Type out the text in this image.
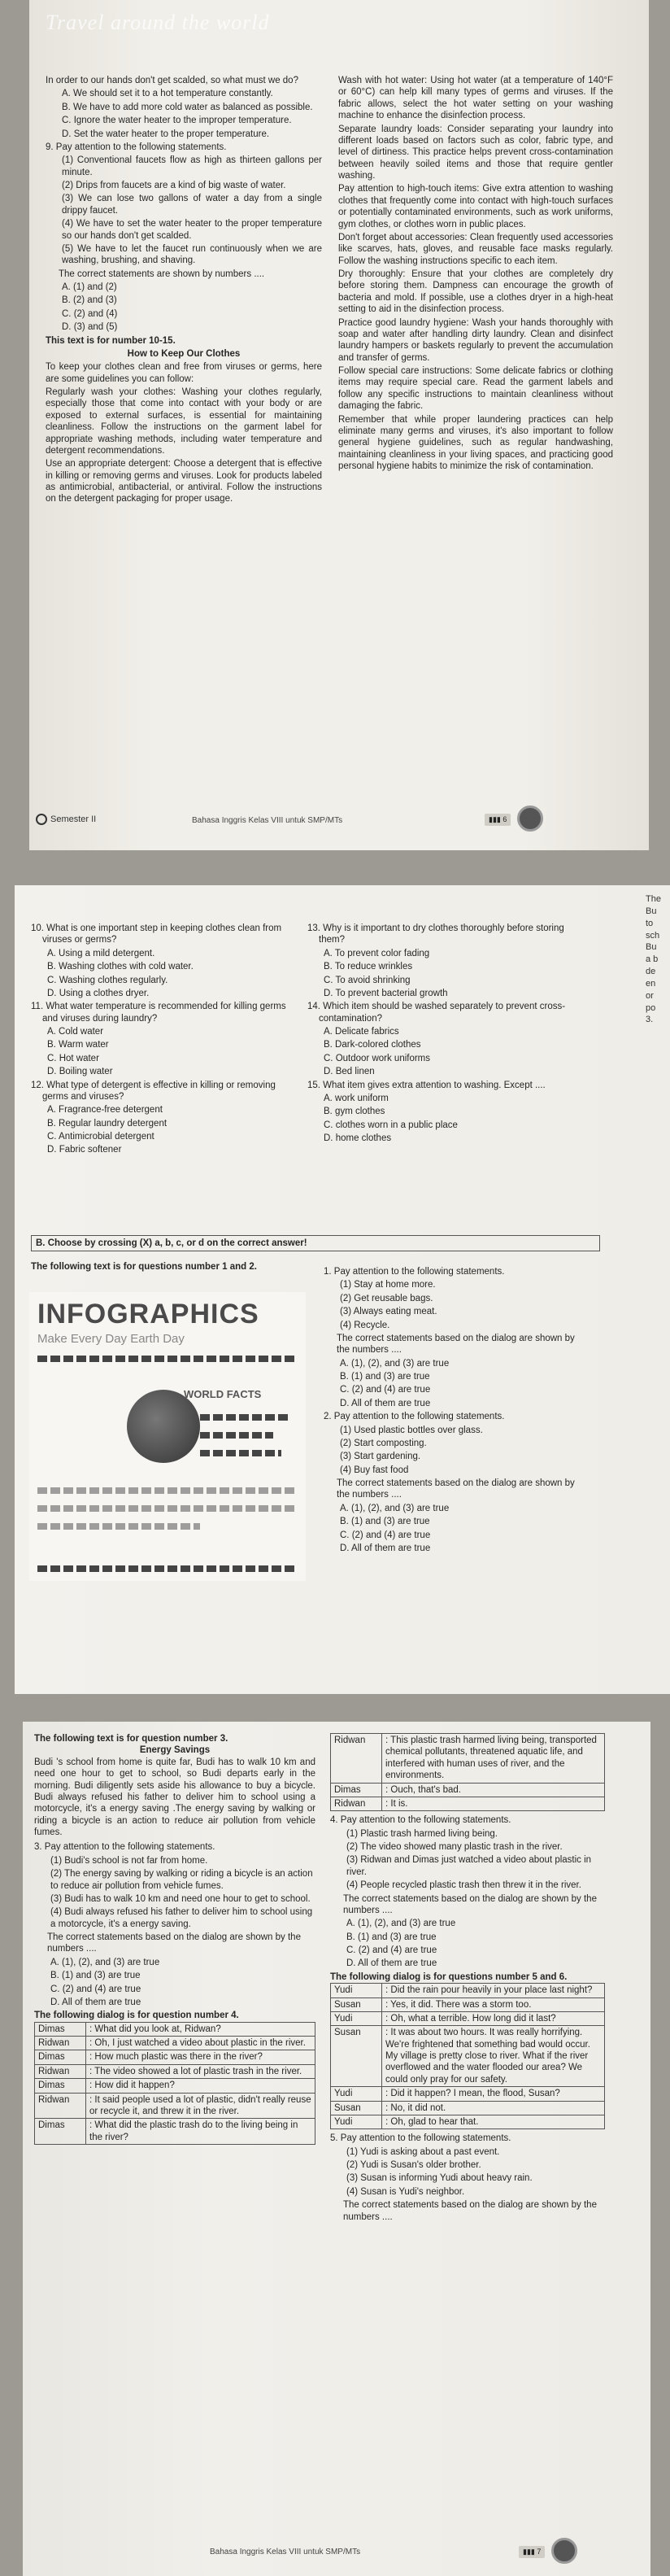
Travel around the world

In order to our hands don't get scalded, so what must we do?

A. We should set it to a hot temperature constantly.

B. We have to add more cold water as balanced as possible.

C. Ignore the water heater to the improper temperature.

D. Set the water heater to the proper temperature.

9. Pay attention to the following statements.

(1) Conventional faucets flow as high as thirteen gallons per minute.

(2) Drips from faucets are a kind of big waste of water.

(3) We can lose two gallons of water a day from a single drippy faucet.

(4) We have to set the water heater to the proper temperature so our hands don't get scalded.

(5) We have to let the faucet run continuously when we are washing, brushing, and shaving.

The correct statements are shown by numbers ....

A. (1) and (2)

B. (2) and (3)

C. (2) and (4)

D. (3) and (5)

This text is for number 10-15.

How to Keep Our Clothes

To keep your clothes clean and free from viruses or germs, here are some guidelines you can follow:

Regularly wash your clothes: Washing your clothes regularly, especially those that come into contact with your body or are exposed to external surfaces, is essential for maintaining cleanliness. Follow the instructions on the garment label for appropriate washing methods, including water temperature and detergent recommendations.

Use an appropriate detergent: Choose a detergent that is effective in killing or removing germs and viruses. Look for products labeled as antimicrobial, antibacterial, or antiviral. Follow the instructions on the detergent packaging for proper usage.

Wash with hot water: Using hot water (at a temperature of 140°F or 60°C) can help kill many types of germs and viruses. If the fabric allows, select the hot water setting on your washing machine to enhance the disinfection process.

Separate laundry loads: Consider separating your laundry into different loads based on factors such as color, fabric type, and level of dirtiness. This practice helps prevent cross-contamination between heavily soiled items and those that require gentler washing.

Pay attention to high-touch items: Give extra attention to washing clothes that frequently come into contact with high-touch surfaces or potentially contaminated environments, such as work uniforms, gym clothes, or clothes worn in public places.

Don't forget about accessories: Clean frequently used accessories like scarves, hats, gloves, and reusable face masks regularly. Follow the washing instructions specific to each item.

Dry thoroughly: Ensure that your clothes are completely dry before storing them. Dampness can encourage the growth of bacteria and mold. If possible, use a clothes dryer in a high-heat setting to aid in the disinfection process.

Practice good laundry hygiene: Wash your hands thoroughly with soap and water after handling dirty laundry. Clean and disinfect laundry hampers or baskets regularly to prevent the accumulation and transfer of germs.

Follow special care instructions: Some delicate fabrics or clothing items may require special care. Read the garment labels and follow any specific instructions to maintain cleanliness without damaging the fabric.

Remember that while proper laundering practices can help eliminate many germs and viruses, it's also important to follow general hygiene guidelines, such as regular handwashing, maintaining cleanliness in your living spaces, and practicing good personal hygiene habits to minimize the risk of contamination.

Semester II	Bahasa Inggris Kelas VIII untuk SMP/MTs	▮▮▮ 6

10. What is one important step in keeping clothes clean from viruses or germs?

A. Using a mild detergent.

B. Washing clothes with cold water.

C. Washing clothes regularly.

D. Using a clothes dryer.

11. What water temperature is recommended for killing germs and viruses during laundry?

A. Cold water

B. Warm water

C. Hot water

D. Boiling water

12. What type of detergent is effective in killing or removing germs and viruses?

A. Fragrance-free detergent

B. Regular laundry detergent

C. Antimicrobial detergent

D. Fabric softener

13. Why is it important to dry clothes thoroughly before storing them?

A. To prevent color fading

B. To reduce wrinkles

C. To avoid shrinking

D. To prevent bacterial growth

14. Which item should be washed separately to prevent cross-contamination?

A. Delicate fabrics

B. Dark-colored clothes

C. Outdoor work uniforms

D. Bed linen

15. What item gives extra attention to washing. Except ....

A. work uniform

B. gym clothes

C. clothes worn in a public place

D. home clothes

B. Choose by crossing (X) a, b, c, or d on the correct answer!
The following text is for questions number 1 and 2.
INFOGRAPHICS
Make Every Day Earth Day
WORLD FACTS

1. Pay attention to the following statements.

(1) Stay at home more.

(2) Get reusable bags.

(3) Always eating meat.

(4) Recycle.

The correct statements based on the dialog are shown by the numbers ....

A. (1), (2), and (3) are true

B. (1) and (3) are true

C. (2) and (4) are true

D. All of them are true

2. Pay attention to the following statements.

(1) Used plastic bottles over glass.

(2) Start composting.

(3) Start gardening.

(4) Buy fast food

The correct statements based on the dialog are shown by the numbers ....

A. (1), (2), and (3) are true

B. (1) and (3) are true

C. (2) and (4) are true

D. All of them are true

The
Bu
to
sch
Bu
a b
de
en
or
po
3.
The following text is for question number 3.
Energy Savings

Budi 's school from home is quite far, Budi has to walk 10 km and need one hour to get to school, so Budi departs early in the morning. Budi diligently sets aside his allowance to buy a bicycle. Budi always refused his father to deliver him to school using a motorcycle, it's a energy saving .The energy saving by walking or riding a bicycle is an action to reduce air pollution from vehicle fumes.

3. Pay attention to the following statements.

(1) Budi's school is not far from home.

(2) The energy saving by walking or riding a bicycle is an action to reduce air pollution from vehicle fumes.

(3) Budi has to walk 10 km and need one hour to get to school.

(4) Budi always refused his father to deliver him to school using a motorcycle, it's a energy saving.

The correct statements based on the dialog are shown by the numbers ....

A. (1), (2), and (3) are true

B. (1) and (3) are true

C. (2) and (4) are true

D. All of them are true

The following dialog is for question number 4.
Dimas	: What did you look at, Ridwan?
Ridwan	: Oh, I just watched a video about plastic in the river.
Dimas	: How much plastic was there in the river?
Ridwan	: The video showed a lot of plastic trash in the river.
Dimas	: How did it happen?
Ridwan	: It said people used a lot of plastic, didn't really reuse or recycle it, and threw it in the river.
Dimas	: What did the plastic trash do to the living being in the river?
Ridwan	: This plastic trash harmed living being, transported chemical pollutants, threatened aquatic life, and interfered with human uses of river, and the environments.
Dimas	: Ouch, that's bad.
Ridwan	: It is.

4. Pay attention to the following statements.

(1) Plastic trash harmed living being.

(2) The video showed many plastic trash in the river.

(3) Ridwan and Dimas just watched a video about plastic in river.

(4) People recycled plastic trash then threw it in the river.

The correct statements based on the dialog are shown by the numbers ....

A. (1), (2), and (3) are true

B. (1) and (3) are true

C. (2) and (4) are true

D. All of them are true

The following dialog is for questions number 5 and 6.
Yudi	: Did the rain pour heavily in your place last night?
Susan	: Yes, it did. There was a storm too.
Yudi	: Oh, what a terrible. How long did it last?
Susan	: It was about two hours. It was really horrifying. We're frightened that something bad would occur. My village is pretty close to river. What if the river overflowed and the water flooded our area? We could only pray for our safety.
Yudi	: Did it happen? I mean, the flood, Susan?
Susan	: No, it did not.
Yudi	: Oh, glad to hear that.

5. Pay attention to the following statements.

(1) Yudi is asking about a past event.

(2) Yudi is Susan's older brother.

(3) Susan is informing Yudi about heavy rain.

(4) Susan is Yudi's neighbor.

The correct statements based on the dialog are shown by the numbers ....

Bahasa Inggris Kelas VIII untuk SMP/MTs	▮▮▮ 7
